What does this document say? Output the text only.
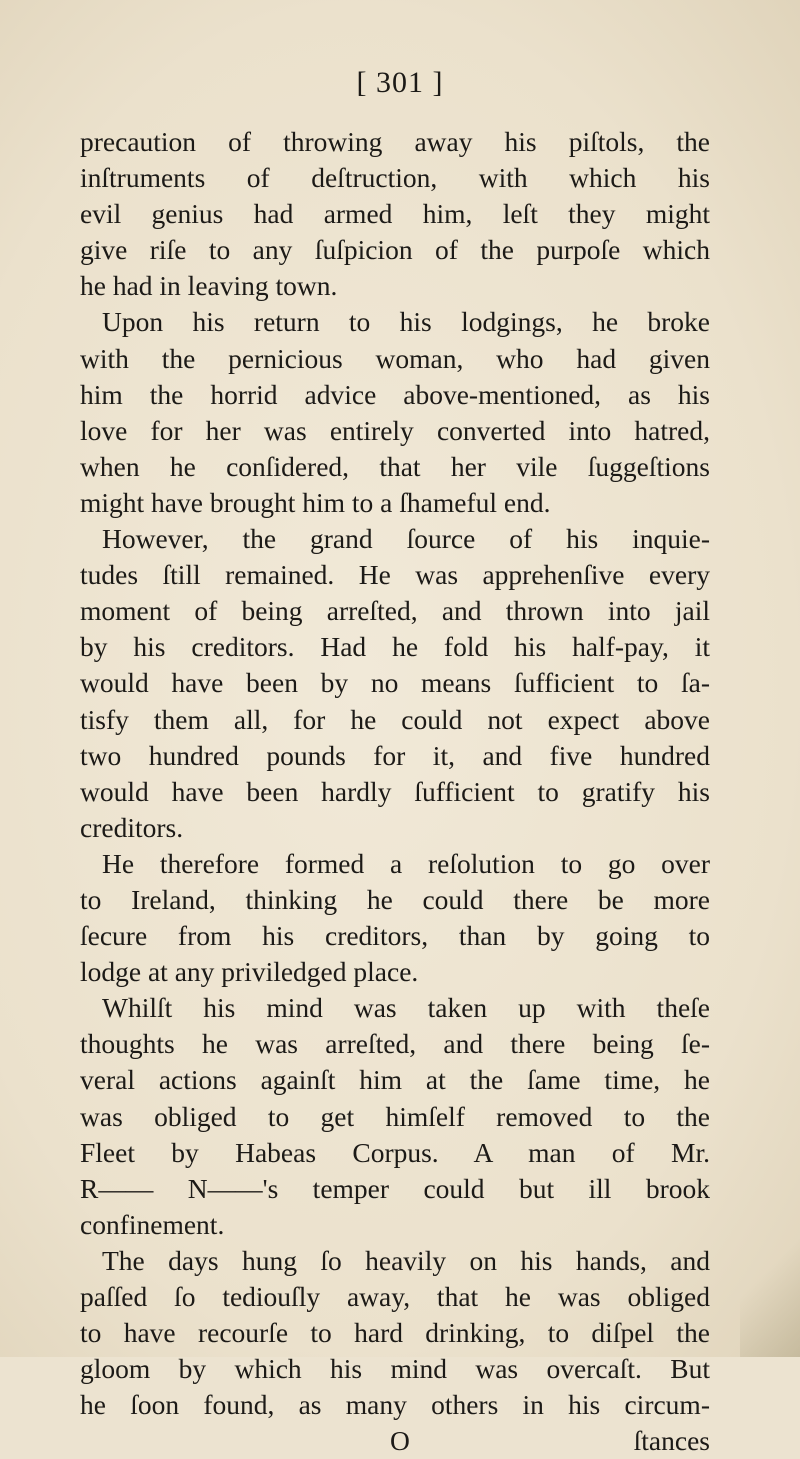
[ 301 ]
precaution of throwing away his piſtols, the
inſtruments of deſtruction, with which his
evil genius had armed him, leſt they might
give riſe to any ſuſpicion of the purpoſe which
he had in leaving town.
Upon his return to his lodgings, he broke
with the pernicious woman, who had given
him the horrid advice above-mentioned, as his
love for her was entirely converted into hatred,
when he conſidered, that her vile ſuggeſtions
might have brought him to a ſhameful end.
However, the grand ſource of his inquie-
tudes ſtill remained. He was apprehenſive every
moment of being arreſted, and thrown into jail
by his creditors. Had he fold his half-pay, it
would have been by no means ſufficient to ſa-
tisfy them all, for he could not expect above
two hundred pounds for it, and five hundred
would have been hardly ſufficient to gratify his
creditors.
He therefore formed a reſolution to go over
to Ireland, thinking he could there be more
ſecure from his creditors, than by going to
lodge at any priviledged place.
Whilſt his mind was taken up with theſe
thoughts he was arreſted, and there being ſe-
veral actions againſt him at the ſame time, he
was obliged to get himſelf removed to the
Fleet by Habeas Corpus. A man of Mr.
R—— N——'s temper could but ill brook
confinement.
The days hung ſo heavily on his hands, and
paſſed ſo tediouſly away, that he was obliged
to have recourſe to hard drinking, to diſpel the
gloom by which his mind was overcaſt. But
he ſoon found, as many others in his circum-
O	ſtances
